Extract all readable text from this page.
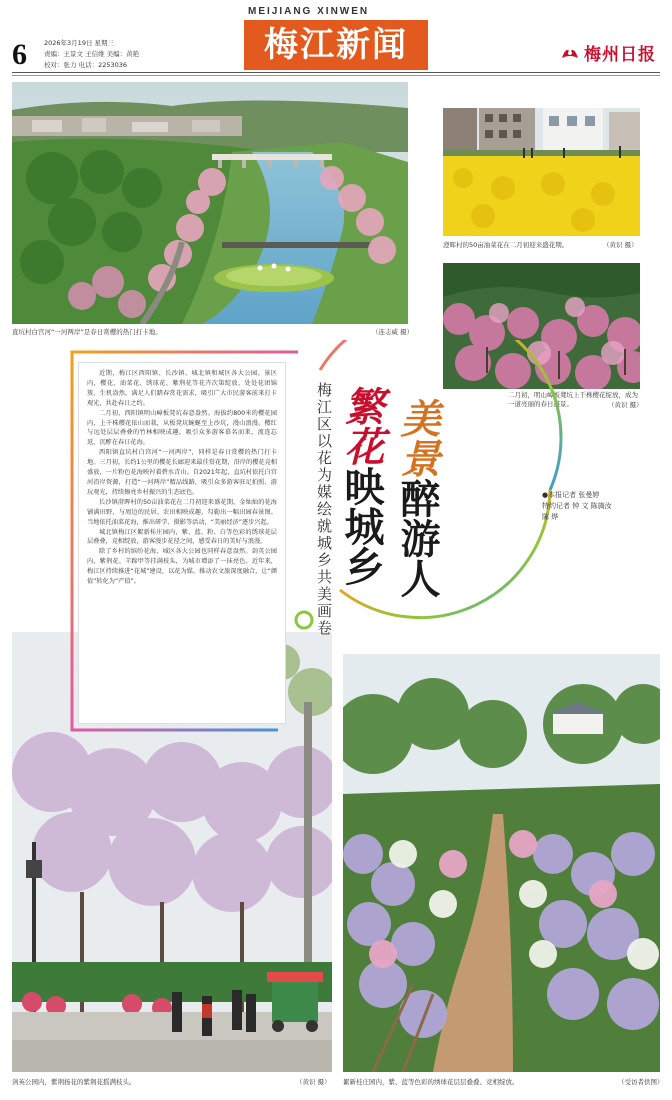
6	2026年3月19日 星期三
责编：王景文 王信维 美编：黄艳
校对：张力 电话：2253036
MEIJIANG XINWEN
梅江新闻	梅州日报
直坑村白宫河“一河两岸”是春日赏樱的热门打卡地。	（连志威 摄）
澄晖村的50亩油菜花在二月初迎来盛花期。	（黄识 摄）
二月初，明山嶂板凳坑上千株樱花绽放，成为一道亮丽的春日盛景。	（黄识 摄）
剑英公园内，紫荆扬花的紫荆花摇满枝头。	（黄识 摄） 絮新桂庄园内，紫、蓝等色彩的绣球花层层叠叠、竞相绽放。	（受访者供图）

近期，梅江区西阳镇、长沙镇、城北镇和城区各大公园、景区内，樱花、油菜花、绣球花、紫荆花等花卉次第绽放，处处花团锦簇、生机盎然，满足人们踏春赏花需求，吸引广大市民游客前来打卡观光，共赴春日之约。

二月初，西阳镇明山嶂板凳坑春意盎然。海拔约800米的樱花园内，上千株樱花依山而栽，从板凳坑蜿蜒至上沙坑，漫山浪漫。樱红与远处层层叠叠的竹林相映成趣，吸引众多游客慕名而来，流连忘返，沉醉在春日花海。

西阳镇直坑村白宫河“一河两岸”，同样是春日赏樱的热门打卡地。三月初，长约1公里的樱花长廊迎来最佳赏花期，沿岸的樱花竞相盛放，一片粉色花海映衬着碧水青山。自2021年起，直坑村依托白宫河沿岸资源，打造“一河两岸”精品线路，吸引众多游客驻足拍照、游玩观光，持续擦亮乡村振兴的生态底色。

长沙镇澄晖村的50亩油菜花在二月初迎来盛花期，金灿灿的花海铺满田野，与周边的民居、农田相映成趣，勾勒出一幅田园春景图。当地依托油菜花海，推出研学、摄影等活动，“美丽经济”逐步兴起。

城北镇梅江区絮新桂庄园内，紫、蓝、粉、白等色彩的绣球花层层叠叠，竞相绽放，游客漫步花径之间，感受春日的美好与浪漫。

除了乡村的缤纷花海，城区各大公园也同样春意盎然。剑英公园内，紫荆花、羊蹄甲等挂满枝头，为城市增添了一抹亮色。近年来，梅江区持续推进“花城”建设，以花为媒，推动农文旅深度融合，让“颜值”转化为“产值”。	梅江区以花为媒绘就城乡共美画卷 繁花映城乡
美景醉游人	●本报记者 张曼婷
特约记者 钟 文 陈旖汝
陈 烨
